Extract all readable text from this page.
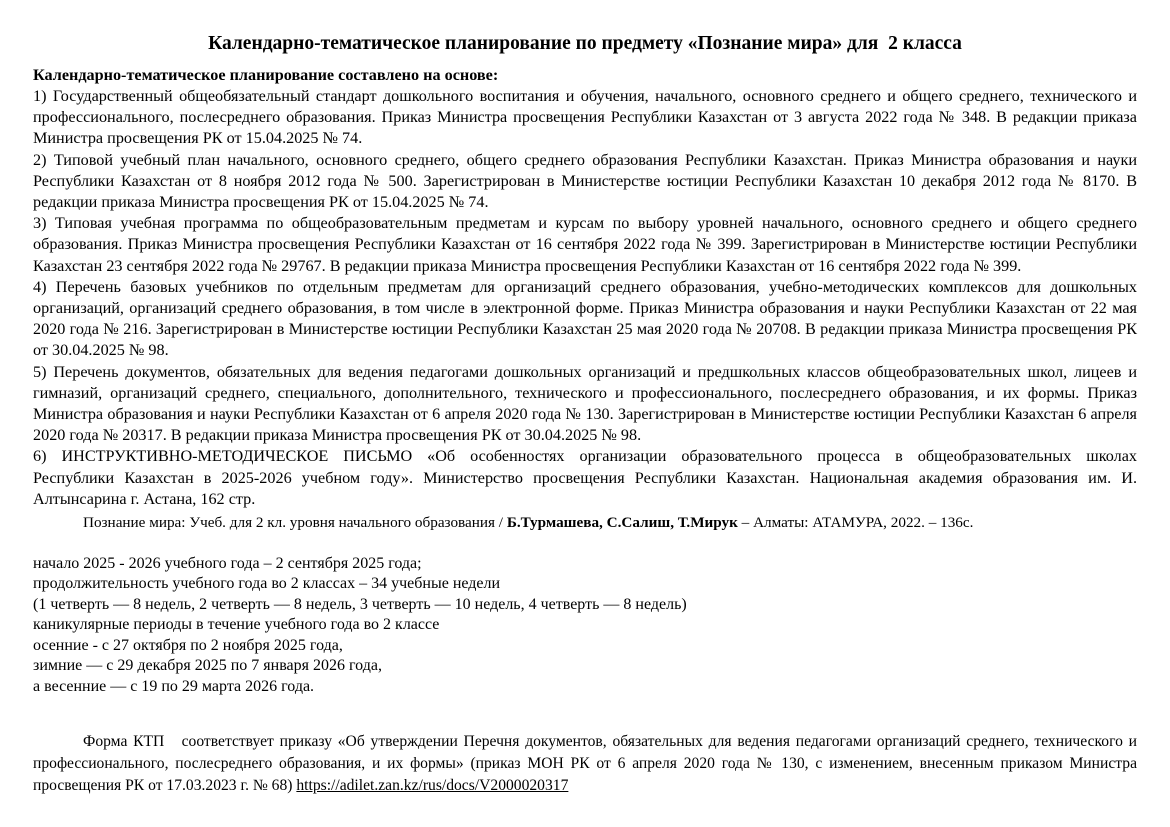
Календарно-тематическое планирование по предмету «Познание мира» для  2 класса
Календарно-тематическое планирование составлено на основе:

1) Государственный общеобязательный стандарт дошкольного воспитания и обучения, начального, основного среднего и общего среднего, технического и профессионального, послесреднего образования. Приказ Министра просвещения Республики Казахстан от 3 августа 2022 года № 348. В редакции приказа Министра просвещения РК от 15.04.2025 № 74.

2) Типовой учебный план начального, основного среднего, общего среднего образования Республики Казахстан. Приказ Министра образования и науки Республики Казахстан от 8 ноября 2012 года № 500. Зарегистрирован в Министерстве юстиции Республики Казахстан 10 декабря 2012 года № 8170. В редакции приказа Министра просвещения РК от 15.04.2025 № 74.

3) Типовая учебная программа по общеобразовательным предметам и курсам по выбору уровней начального, основного среднего и общего среднего образования. Приказ Министра просвещения Республики Казахстан от 16 сентября 2022 года № 399. Зарегистрирован в Министерстве юстиции Республики Казахстан 23 сентября 2022 года № 29767. В редакции приказа Министра просвещения Республики Казахстан от 16 сентября 2022 года № 399.

4) Перечень базовых учебников по отдельным предметам для организаций среднего образования, учебно-методических комплексов для дошкольных организаций, организаций среднего образования, в том числе в электронной форме. Приказ Министра образования и науки Республики Казахстан от 22 мая 2020 года № 216. Зарегистрирован в Министерстве юстиции Республики Казахстан 25 мая 2020 года № 20708. В редакции приказа Министра просвещения РК от 30.04.2025 № 98.

5) Перечень документов, обязательных для ведения педагогами дошкольных организаций и предшкольных классов общеобразовательных школ, лицеев и гимназий, организаций среднего, специального, дополнительного, технического и профессионального, послесреднего образования, и их формы. Приказ Министра образования и науки Республики Казахстан от 6 апреля 2020 года № 130. Зарегистрирован в Министерстве юстиции Республики Казахстан 6 апреля 2020 года № 20317. В редакции приказа Министра просвещения РК от 30.04.2025 № 98.

6)  ИНСТРУКТИВНО-МЕТОДИЧЕСКОЕ  ПИСЬМО  «Об  особенностях  организации  образовательного  процесса  в  общеобразовательных  школах Республики Казахстан в 2025-2026 учебном году». Министерство просвещения Республики Казахстан. Национальная академия образования им. И. Алтынсарина г. Астана, 162 стр.

Познание мира: Учеб. для 2 кл. уровня начального образования / Б.Турмашева, С.Салиш, Т.Мирук – Алматы: АТАМУРА, 2022. – 136с.

начало 2025 - 2026 учебного года – 2 сентября 2025 года;

продолжительность учебного года во 2 классах – 34 учебные недели

(1 четверть — 8 недель, 2 четверть — 8 недель, 3 четверть — 10 недель, 4 четверть — 8 недель)

каникулярные периоды в течение учебного года во 2 классе

осенние - с 27 октября по 2 ноября 2025 года,

зимние — с 29 декабря 2025 по 7 января 2026 года,

а весенние — с 19 по 29 марта 2026 года.

Форма КТП   соответствует приказу «Об утверждении Перечня документов, обязательных для ведения педагогами организаций среднего, технического и профессионального, послесреднего образования, и их формы» (приказ МОН РК от 6 апреля 2020 года № 130, с изменением, внесенным приказом Министра просвещения РК от 17.03.2023 г. № 68) https://adilet.zan.kz/rus/docs/V2000020317
